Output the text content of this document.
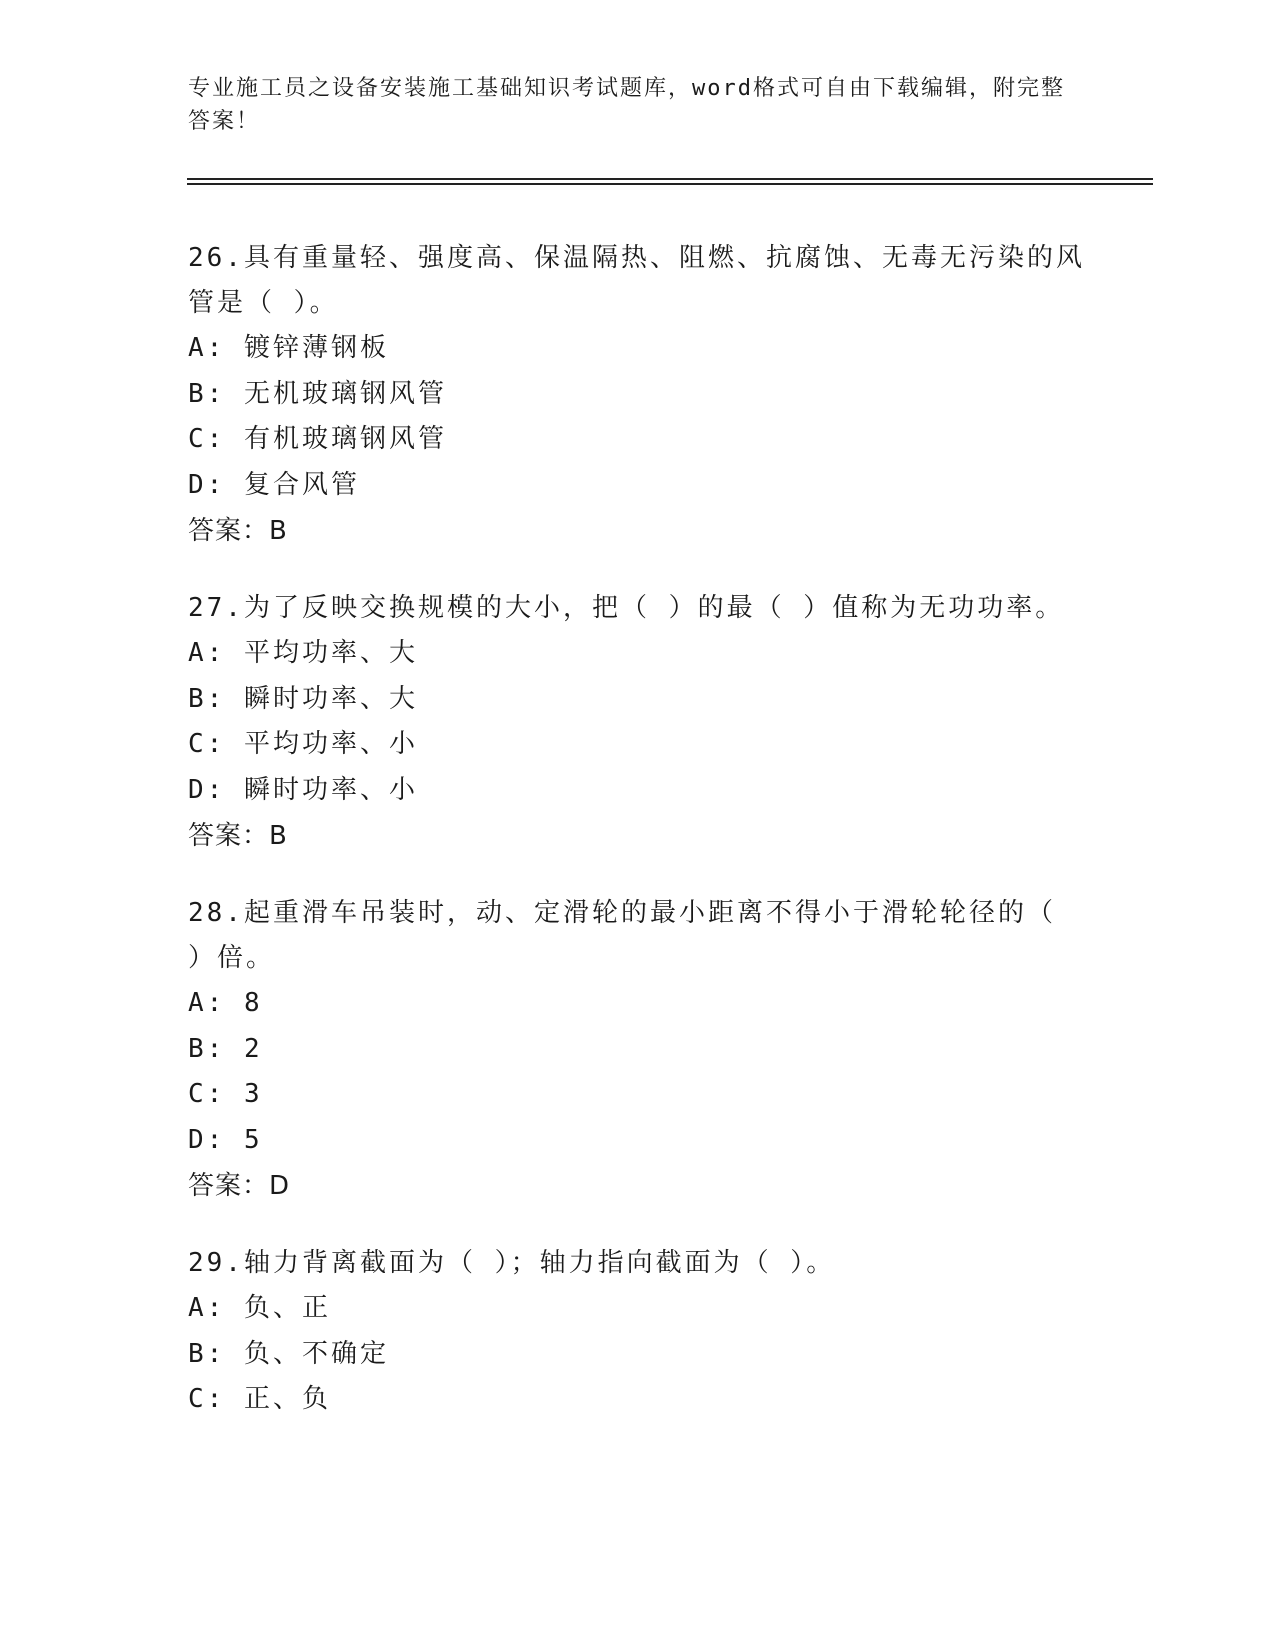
专业施工员之设备安装施工基础知识考试题库，word格式可自由下载编辑，附完整答案！

26.具有重量轻、强度高、保温隔热、阻燃、抗腐蚀、无毒无污染的风管是（ ）。

A: 镀锌薄钢板

B: 无机玻璃钢风管

C: 有机玻璃钢风管

D: 复合风管

答案：B

27.为了反映交换规模的大小，把（ ）的最（ ）值称为无功功率。

A: 平均功率、大

B: 瞬时功率、大

C: 平均功率、小

D: 瞬时功率、小

答案：B

28.起重滑车吊装时，动、定滑轮的最小距离不得小于滑轮轮径的（ ）倍。

A: 8

B: 2

C: 3

D: 5

答案：D

29.轴力背离截面为（ ）；轴力指向截面为（ ）。

A: 负、正

B: 负、不确定

C: 正、负
